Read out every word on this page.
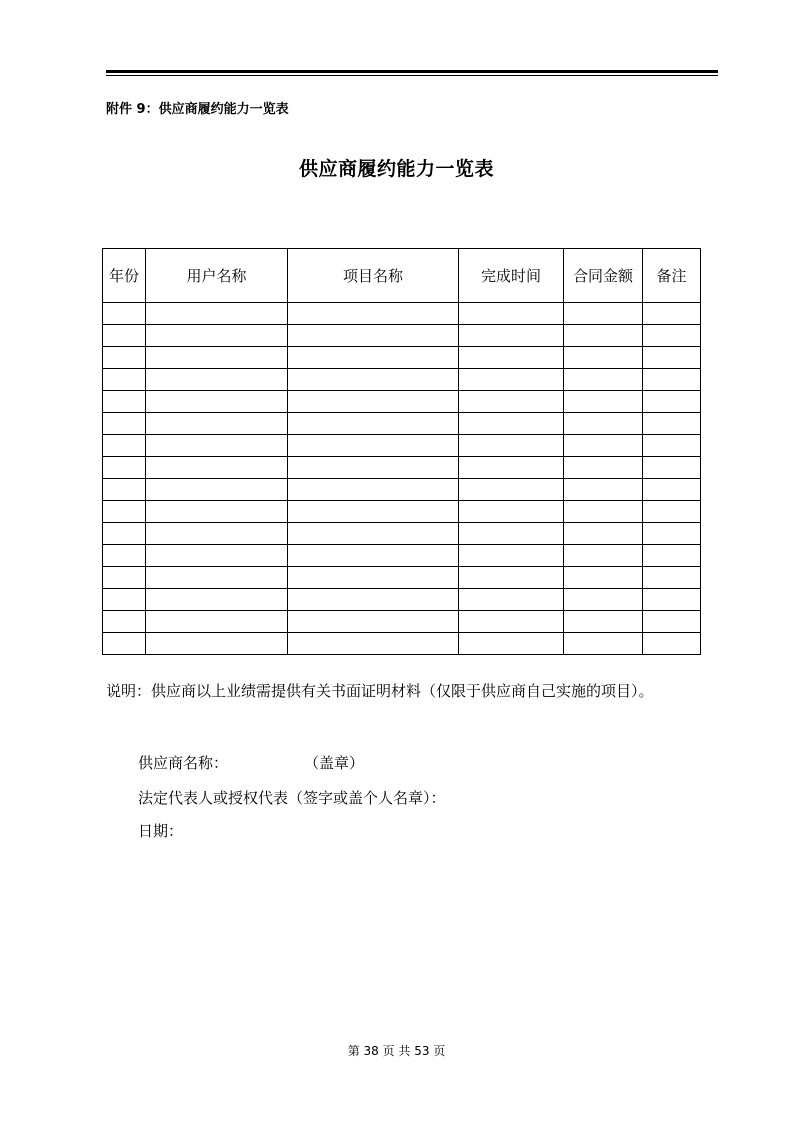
附件 9：供应商履约能力一览表
供应商履约能力一览表
年份	用户名称	项目名称	完成时间	合同金额	备注

说明：供应商以上业绩需提供有关书面证明材料（仅限于供应商自己实施的项目）。
供应商名称：	（盖章）
法定代表人或授权代表（签字或盖个人名章）：
日期：
第 38 页 共 53 页
